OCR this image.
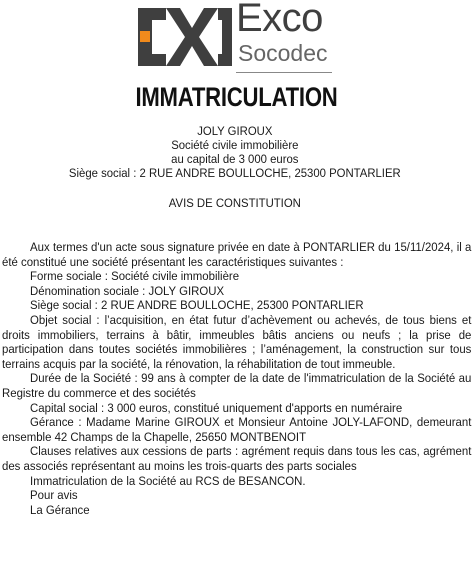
Exco
Socodec
IMMATRICULATION
JOLY GIROUX
Société civile immobilière
au capital de 3 000 euros
Siège social : 2 RUE ANDRE BOULLOCHE, 25300 PONTARLIER
AVIS DE CONSTITUTION

Aux termes d'un acte sous signature privée en date à PONTARLIER du 15/11/2024, il a été constitué une société présentant les caractéristiques suivantes :

Forme sociale : Société civile immobilière

Dénomination sociale : JOLY GIROUX

Siège social : 2 RUE ANDRE BOULLOCHE, 25300 PONTARLIER

Objet social : l’acquisition, en état futur d’achèvement ou achevés, de tous biens et droits immobiliers, terrains à bâtir, immeubles bâtis anciens ou neufs ; la prise de participation dans toutes sociétés immobilières ; l’aménagement, la construction sur tous terrains acquis par la société, la rénovation, la réhabilitation de tout immeuble.

Durée de la Société : 99 ans à compter de la date de l'immatriculation de la Société au Registre du commerce et des sociétés

Capital social : 3 000 euros, constitué uniquement d'apports en numéraire

Gérance : Madame Marine GIROUX et Monsieur Antoine JOLY-LAFOND, demeurant ensemble 42 Champs de la Chapelle, 25650 MONTBENOIT

Clauses relatives aux cessions de parts : agrément requis dans tous les cas, agrément des associés représentant au moins les trois-quarts des parts sociales

Immatriculation de la Société au RCS de BESANCON.

Pour avis

La Gérance
